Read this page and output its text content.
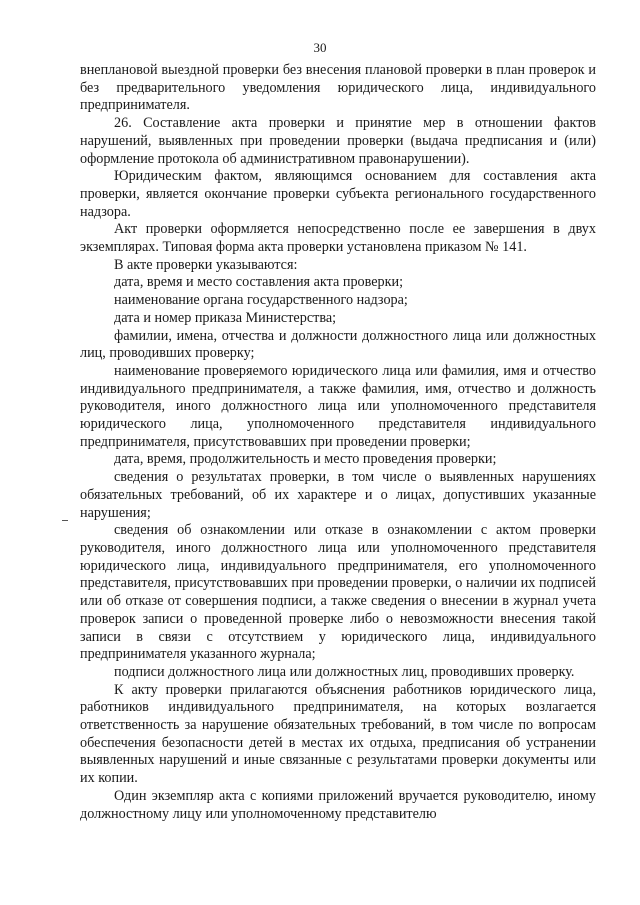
30

внеплановой выездной проверки без внесения плановой проверки в план проверок и без предварительного уведомления юридического лица, индивидуального предпринимателя.

26. Составление акта проверки и принятие мер в отношении фактов нарушений, выявленных при проведении проверки (выдача предписания и (или) оформление протокола об административном правонарушении).

Юридическим фактом, являющимся основанием для составления акта проверки, является окончание проверки субъекта регионального государственного надзора.

Акт проверки оформляется непосредственно после ее завершения в двух экземплярах. Типовая форма акта проверки установлена приказом № 141.

В акте проверки указываются:

дата, время и место составления акта проверки;

наименование органа государственного надзора;

дата и номер приказа Министерства;

фамилии, имена, отчества и должности должностного лица или должностных лиц, проводивших проверку;

наименование проверяемого юридического лица или фамилия, имя и отчество индивидуального предпринимателя, а также фамилия, имя, отчество и должность руководителя, иного должностного лица или уполномоченного представителя юридического лица, уполномоченного представителя индивидуального предпринимателя, присутствовавших при проведении проверки;

дата, время, продолжительность и место проведения проверки;

сведения о результатах проверки, в том числе о выявленных нарушениях обязательных требований, об их характере и о лицах, допустивших указанные нарушения;

сведения об ознакомлении или отказе в ознакомлении с актом проверки руководителя, иного должностного лица или уполномоченного представителя юридического лица, индивидуального предпринимателя, его уполномоченного представителя, присутствовавших при проведении проверки, о наличии их подписей или об отказе от совершения подписи, а также сведения о внесении в журнал учета проверок записи о проведенной проверке либо о невозможности внесения такой записи в связи с отсутствием у юридического лица, индивидуального предпринимателя указанного журнала;

подписи должностного лица или должностных лиц, проводивших проверку.

К акту проверки прилагаются объяснения работников юридического лица, работников индивидуального предпринимателя, на которых возлагается ответственность за нарушение обязательных требований, в том числе по вопросам обеспечения безопасности детей в местах их отдыха, предписания об устранении выявленных нарушений и иные связанные с результатами проверки документы или их копии.

Один экземпляр акта с копиями приложений вручается руководителю, иному должностному лицу или уполномоченному представителю
